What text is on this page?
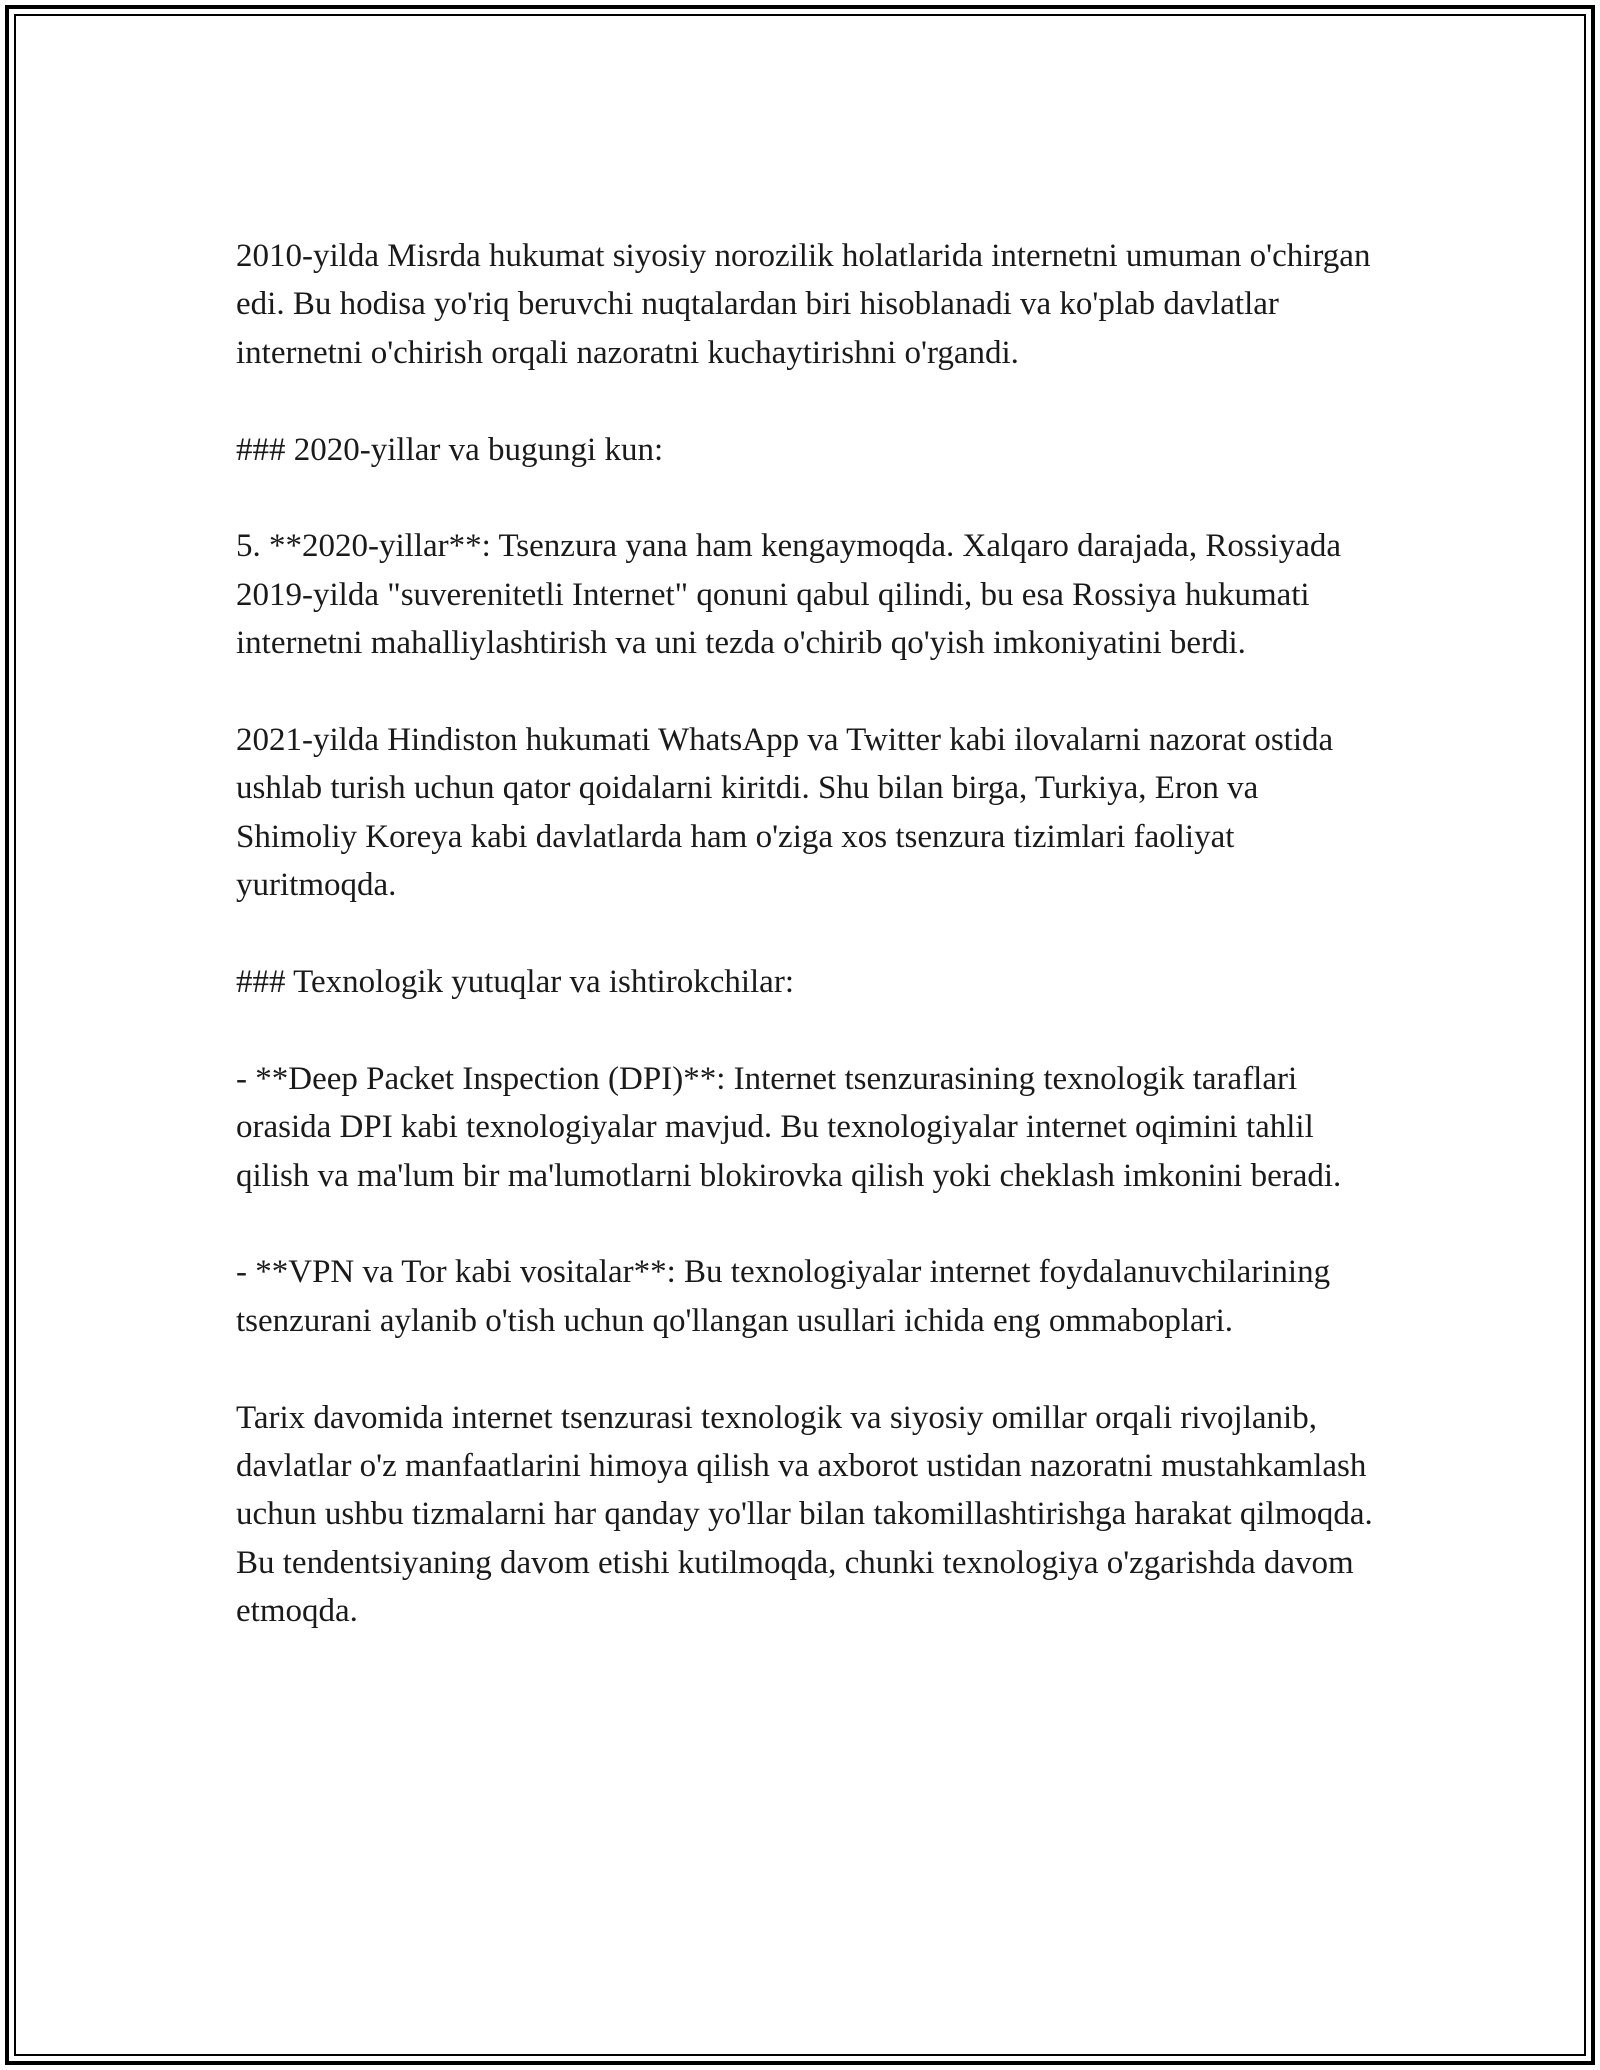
2010-yilda Misrda hukumat siyosiy norozilik holatlarida internetni umuman o'chirgan edi. Bu hodisa yo'riq beruvchi nuqtalardan biri hisoblanadi va ko'plab davlatlar internetni o'chirish orqali nazoratni kuchaytirishni o'rgandi.

### 2020-yillar va bugungi kun:

5. **2020-yillar**: Tsenzura yana ham kengaymoqda. Xalqaro darajada, Rossiyada 2019-yilda "suverenitetli Internet" qonuni qabul qilindi, bu esa Rossiya hukumati internetni mahalliylashtirish va uni tezda o'chirib qo'yish imkoniyatini berdi.

2021-yilda Hindiston hukumati WhatsApp va Twitter kabi ilovalarni nazorat ostida ushlab turish uchun qator qoidalarni kiritdi. Shu bilan birga, Turkiya, Eron va Shimoliy Koreya kabi davlatlarda ham o'ziga xos tsenzura tizimlari faoliyat yuritmoqda.

### Texnologik yutuqlar va ishtirokchilar:

- **Deep Packet Inspection (DPI)**: Internet tsenzurasining texnologik taraflari orasida DPI kabi texnologiyalar mavjud. Bu texnologiyalar internet oqimini tahlil qilish va ma'lum bir ma'lumotlarni blokirovka qilish yoki cheklash imkonini beradi.

- **VPN va Tor kabi vositalar**: Bu texnologiyalar internet foydalanuvchilarining tsenzurani aylanib o'tish uchun qo'llangan usullari ichida eng ommaboplari.

Tarix davomida internet tsenzurasi texnologik va siyosiy omillar orqali rivojlanib, davlatlar o'z manfaatlarini himoya qilish va axborot ustidan nazoratni mustahkamlash uchun ushbu tizmalarni har qanday yo'llar bilan takomillashtirishga harakat qilmoqda. Bu tendentsiyaning davom etishi kutilmoqda, chunki texnologiya o'zgarishda davom etmoqda.
